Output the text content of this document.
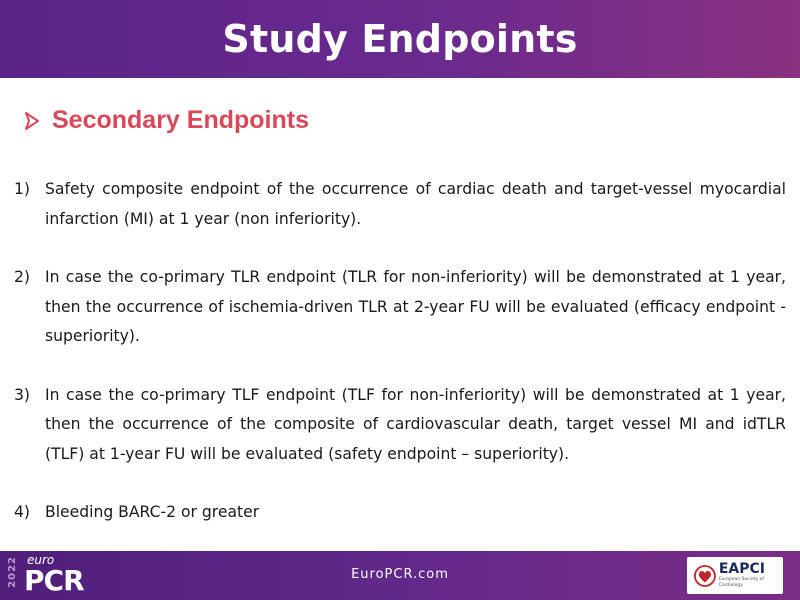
Study Endpoints
Secondary Endpoints
1) Safety composite endpoint of the occurrence of cardiac death and target-vessel myocardial infarction (MI) at 1 year (non inferiority).
2) In case the co-primary TLR endpoint (TLR for non-inferiority) will be demonstrated at 1 year, then the occurrence of ischemia-driven TLR at 2-year FU will be evaluated (efficacy endpoint - superiority).
3) In case the co-primary TLF endpoint (TLF for non-inferiority) will be demonstrated at 1 year, then the occurrence of the composite of cardiovascular death, target vessel MI and idTLR (TLF) at 1-year FU will be evaluated (safety endpoint – superiority).
4) Bleeding BARC-2 or greater
2022 euro
PCR	EuroPCR.com	EAPCI
European Society of Cardiology
